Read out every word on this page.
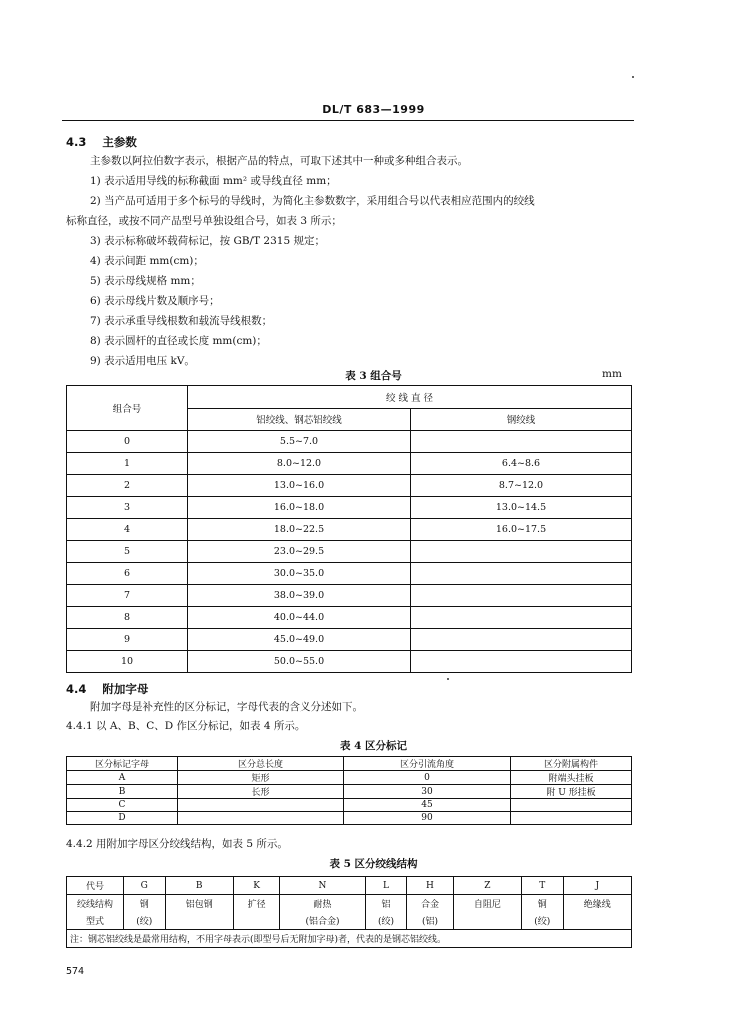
DL/T 683—1999
4.3 主参数
主参数以阿拉伯数字表示，根据产品的特点，可取下述其中一种或多种组合表示。
1) 表示适用导线的标称截面 mm² 或导线直径 mm；
2) 当产品可适用于多个标号的导线时，为简化主参数数字，采用组合号以代表相应范围内的绞线
标称直径，或按不同产品型号单独设组合号，如表 3 所示；
3) 表示标称破坏载荷标记，按 GB/T 2315 规定；
4) 表示间距 mm(cm)；
5) 表示母线规格 mm；
6) 表示母线片数及顺序号；
7) 表示承重导线根数和载流导线根数；
8) 表示圆杆的直径或长度 mm(cm)；
9) 表示适用电压 kV。
表 3 组合号	mm
组合号	绞 线 直 径	
	铝绞线、钢芯铝绞线	钢绞线
0	5.5~7.0	
1	8.0~12.0	6.4~8.6
2	13.0~16.0	8.7~12.0
3	16.0~18.0	13.0~14.5
4	18.0~22.5	16.0~17.5
5	23.0~29.5	
6	30.0~35.0	
7	38.0~39.0	
8	40.0~44.0	
9	45.0~49.0	
10	50.0~55.0	
4.4 附加字母
附加字母是补充性的区分标记，字母代表的含义分述如下。
4.4.1 以 A、B、C、D 作区分标记，如表 4 所示。
表 4 区分标记
区分标记字母	区分总长度	区分引流角度	区分附属构件
A	矩形	0	附端头挂板
B	长形	30	附 U 形挂板
C		45	
D		90	
4.4.2 用附加字母区分绞线结构，如表 5 所示。
表 5 区分绞线结构
代号	G	B	K	N	L	H	Z	T	J
绞线结构	钢	铝包钢	扩径	耐热	铝	合金	自阻尼	铜	绝缘线
型式	(绞)			(铝合金)	(绞)	(铝)		(绞)	
注：钢芯铝绞线是最常用结构，不用字母表示(即型号后无附加字母)者，代表的是钢芯铝绞线。									
574
